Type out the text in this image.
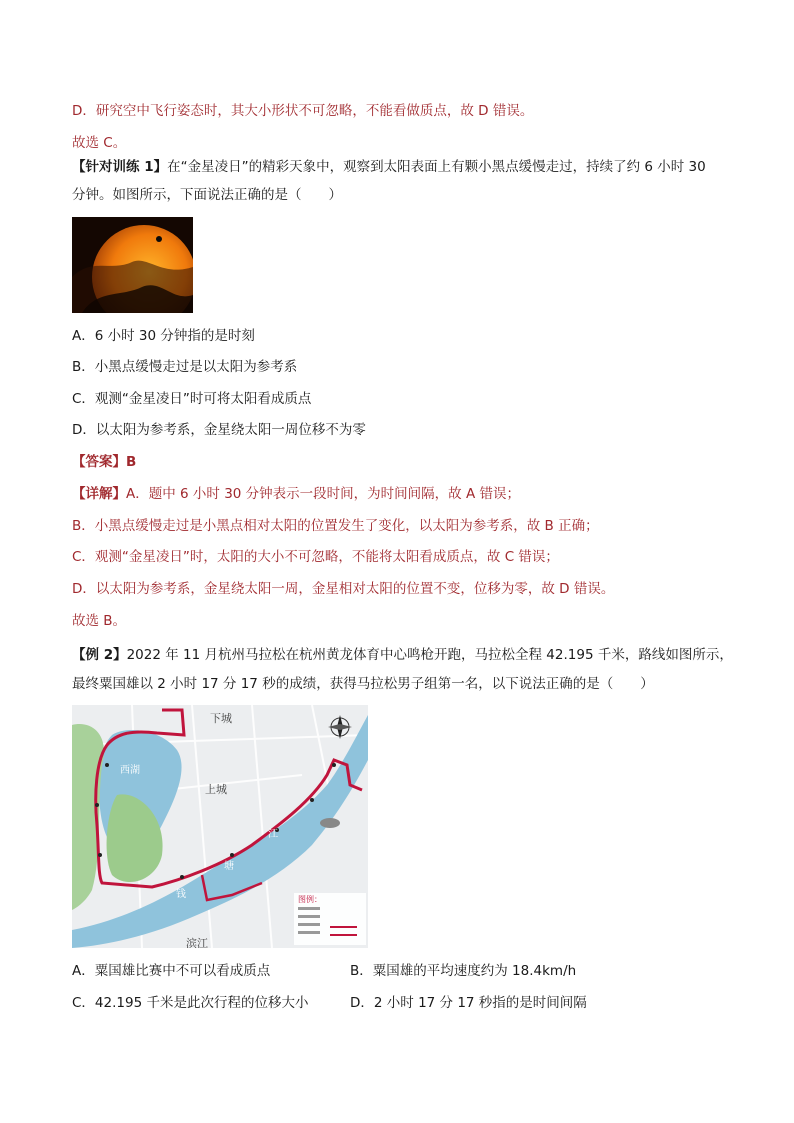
D．研究空中飞行姿态时，其大小形状不可忽略，不能看做质点，故 D 错误。
故选 C。
【针对训练 1】在“金星凌日”的精彩天象中，观察到太阳表面上有颗小黑点缓慢走过，持续了约 6 小时 30
分钟。如图所示，下面说法正确的是（　　）
A．6 小时 30 分钟指的是时刻
B．小黑点缓慢走过是以太阳为参考系
C．观测“金星凌日”时可将太阳看成质点
D．以太阳为参考系，金星绕太阳一周位移不为零
【答案】B
【详解】A．题中 6 小时 30 分钟表示一段时间，为时间间隔，故 A 错误；
B．小黑点缓慢走过是小黑点相对太阳的位置发生了变化，以太阳为参考系，故 B 正确；
C．观测“金星凌日”时，太阳的大小不可忽略，不能将太阳看成质点，故 C 错误；
D．以太阳为参考系，金星绕太阳一周，金星相对太阳的位置不变，位移为零，故 D 错误。
故选 B。
【例 2】2022 年 11 月杭州马拉松在杭州黄龙体育中心鸣枪开跑，马拉松全程 42.195 千米，路线如图所示，
最终粟国雄以 2 小时 17 分 17 秒的成绩，获得马拉松男子组第一名，以下说法正确的是（　　）
下城
上城
滨江
西湖
江
塘
钱	图例：
A．粟国雄比赛中不可以看成质点	B．粟国雄的平均速度约为 18.4km/h
C．42.195 千米是此次行程的位移大小	D．2 小时 17 分 17 秒指的是时间间隔
